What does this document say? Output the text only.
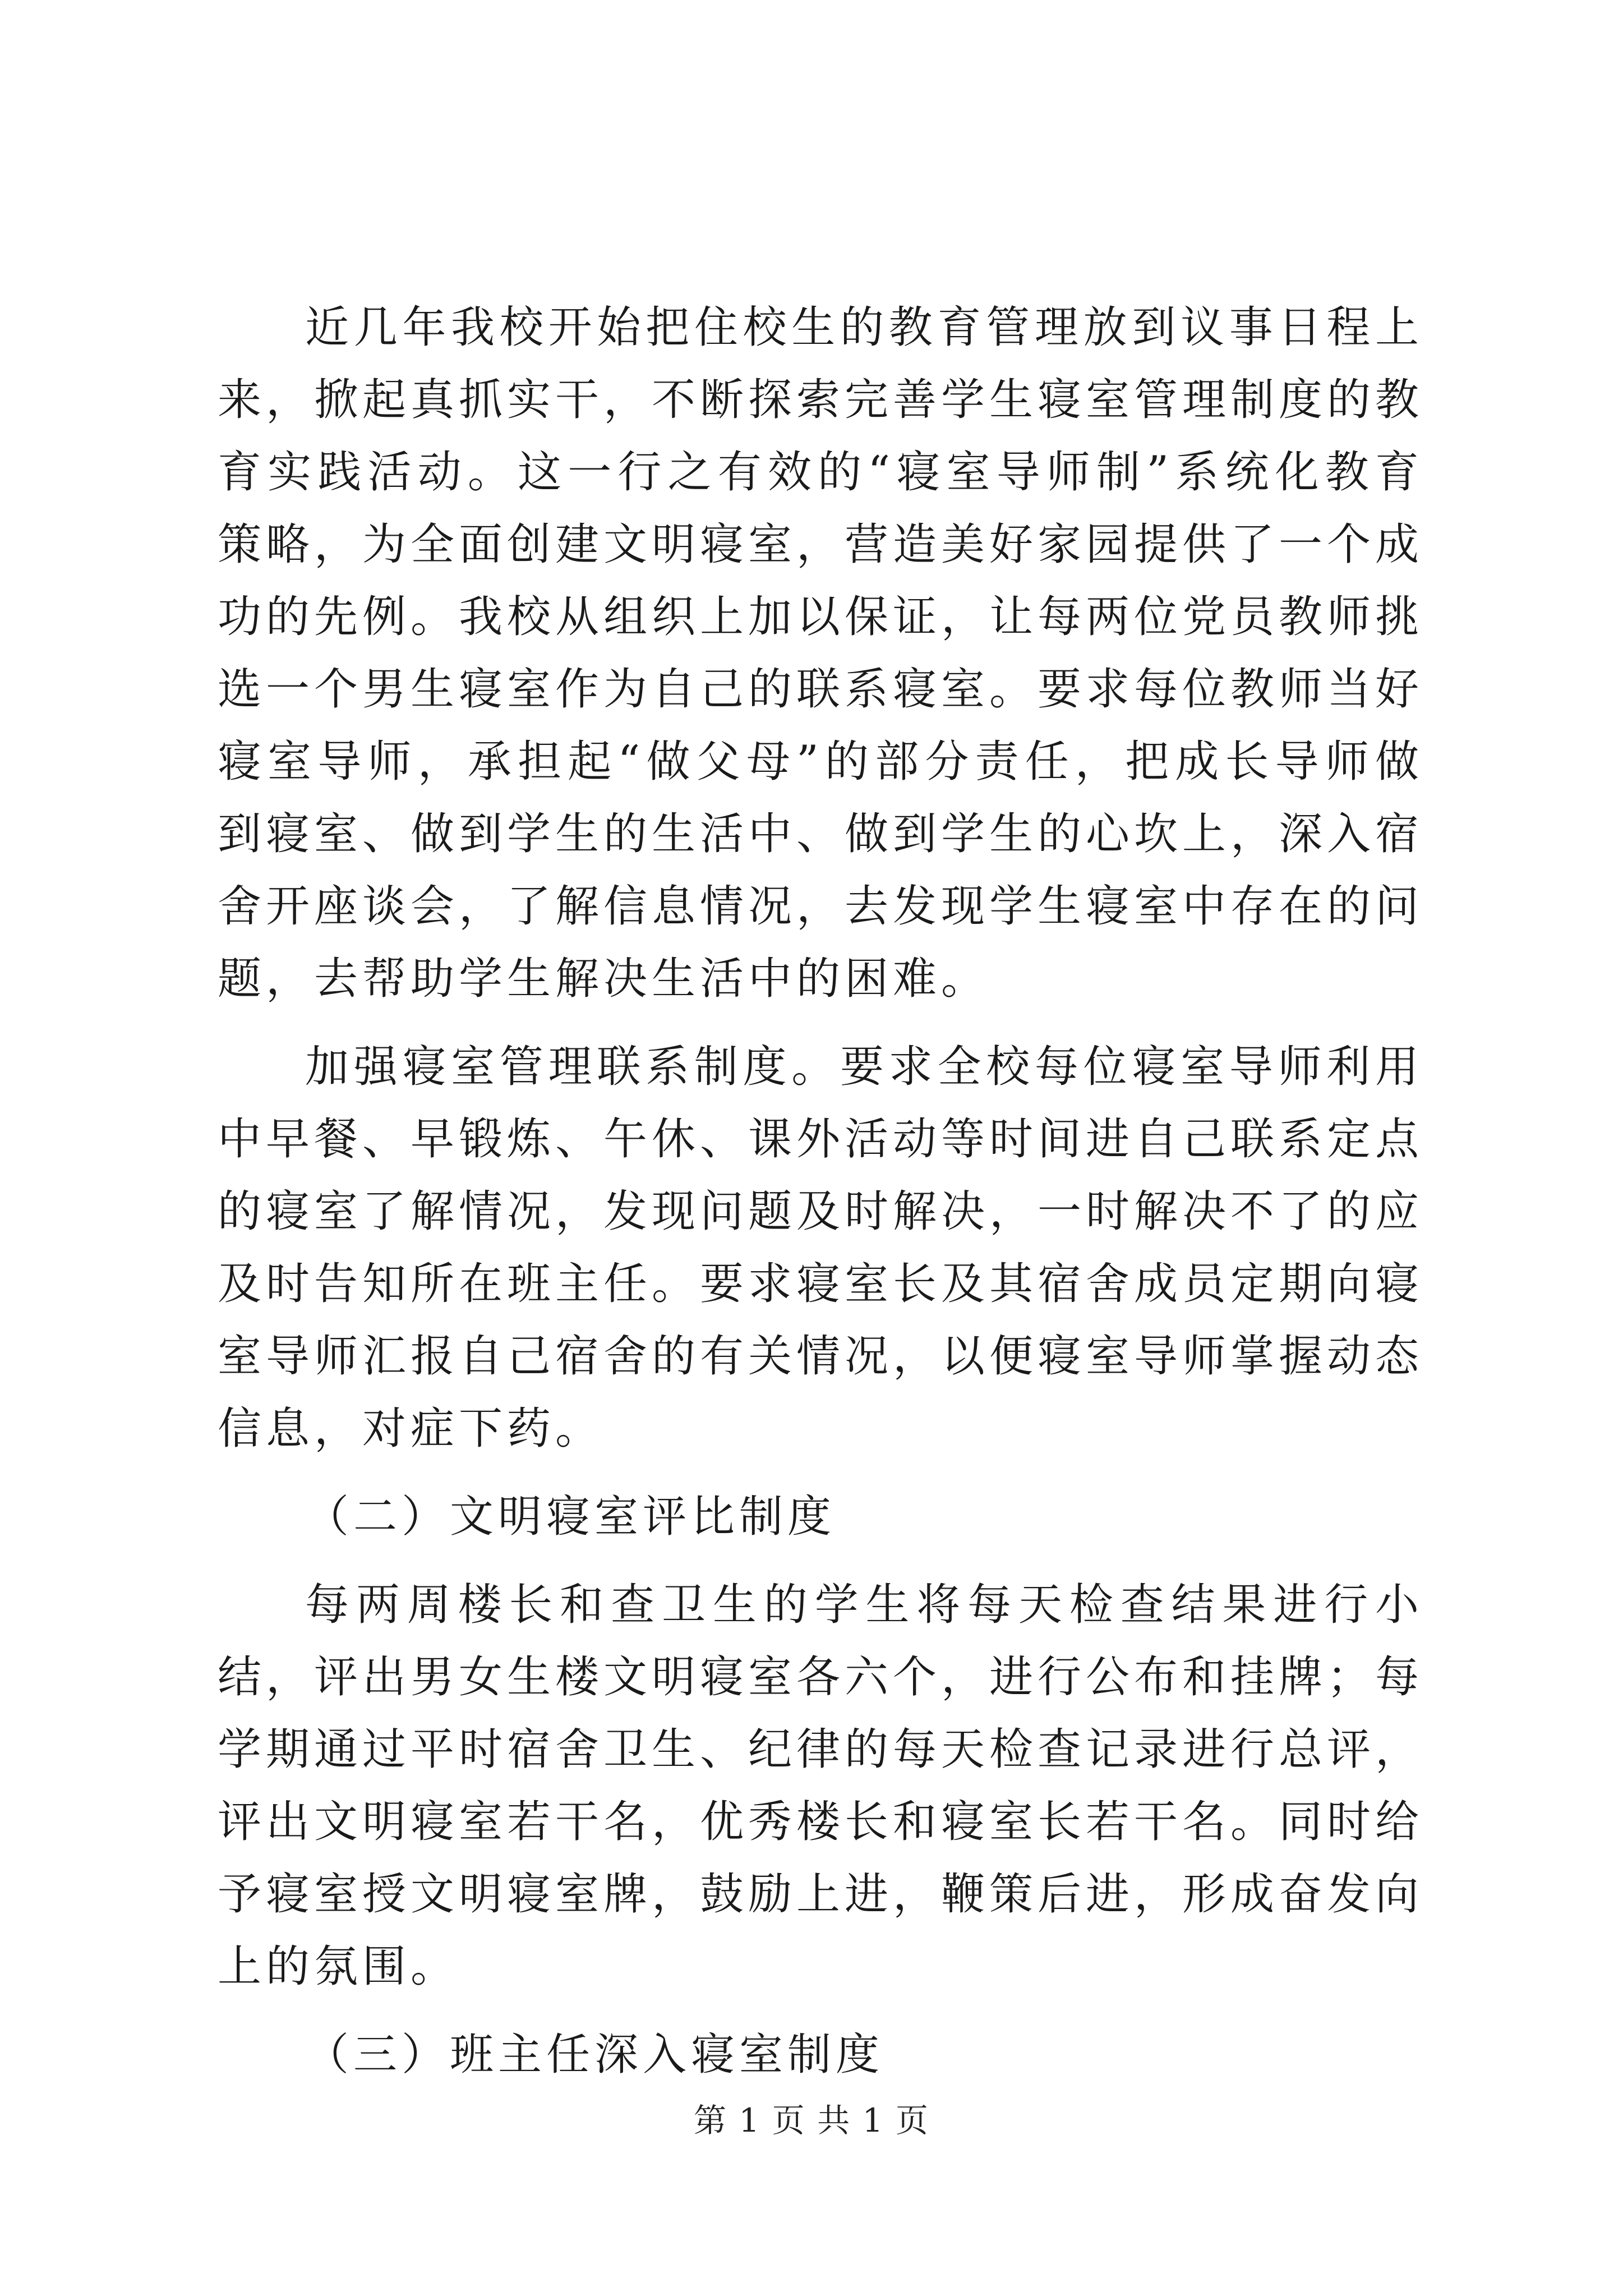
近几年我校开始把住校生的教育管理放到议事日程上来，掀起真抓实干，不断探索完善学生寝室管理制度的教育实践活动。这一行之有效的“寝室导师制”系统化教育策略，为全面创建文明寝室，营造美好家园提供了一个成功的先例。我校从组织上加以保证，让每两位党员教师挑选一个男生寝室作为自己的联系寝室。要求每位教师当好寝室导师，承担起“做父母”的部分责任，把成长导师做到寝室、做到学生的生活中、做到学生的心坎上，深入宿舍开座谈会，了解信息情况，去发现学生寝室中存在的问题，去帮助学生解决生活中的困难。

加强寝室管理联系制度。要求全校每位寝室导师利用中早餐、早锻炼、午休、课外活动等时间进自己联系定点的寝室了解情况，发现问题及时解决，一时解决不了的应及时告知所在班主任。要求寝室长及其宿舍成员定期向寝室导师汇报自己宿舍的有关情况，以便寝室导师掌握动态信息，对症下药。

（二）文明寝室评比制度

每两周楼长和查卫生的学生将每天检查结果进行小结，评出男女生楼文明寝室各六个，进行公布和挂牌；每学期通过平时宿舍卫生、纪律的每天检查记录进行总评，评出文明寝室若干名，优秀楼长和寝室长若干名。同时给予寝室授文明寝室牌，鼓励上进，鞭策后进，形成奋发向上的氛围。

（三）班主任深入寝室制度

第 1 页 共 1 页
